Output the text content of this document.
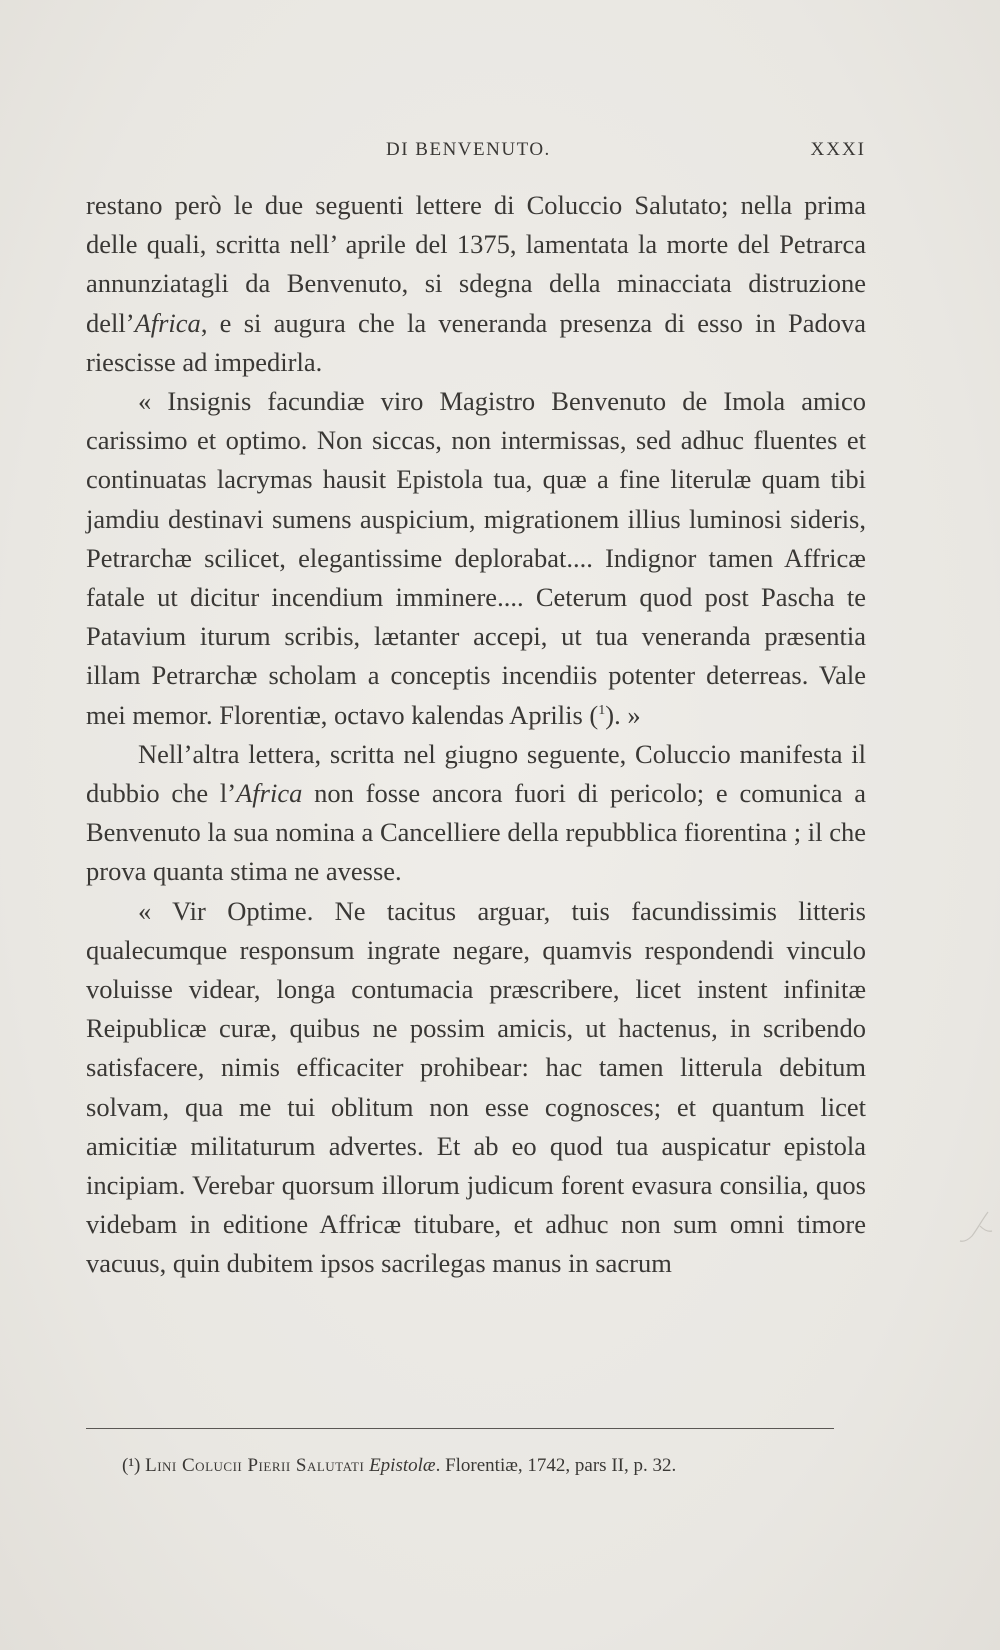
DI BENVENUTO.	XXXI

restano però le due seguenti lettere di Coluccio Salutato; nella prima delle quali, scritta nell’ aprile del 1375, lamentata la morte del Petrarca annunziatagli da Benvenuto, si sdegna della minacciata distruzione dell’Africa, e si augura che la veneranda presenza di esso in Padova riescisse ad impedirla.

« Insignis facundiæ viro Magistro Benvenuto de Imola amico carissimo et optimo. Non siccas, non intermissas, sed adhuc fluentes et continuatas lacrymas hausit Epistola tua, quæ a fine literulæ quam tibi jamdiu destinavi sumens auspicium, migrationem illius luminosi sideris, Petrarchæ scilicet, elegantissime deplorabat.... Indignor tamen Affricæ fatale ut dicitur incendium imminere.... Ceterum quod post Pascha te Patavium iturum scribis, lætanter accepi, ut tua veneranda præsentia illam Petrarchæ scholam a conceptis incendiis potenter deterreas. Vale mei memor. Florentiæ, octavo kalendas Aprilis ($^1$). »

Nell’altra lettera, scritta nel giugno seguente, Coluccio manifesta il dubbio che l’Africa non fosse ancora fuori di pericolo; e comunica a Benvenuto la sua nomina a Cancelliere della repubblica fiorentina ; il che prova quanta stima ne avesse.

« Vir Optime. Ne tacitus arguar, tuis facundissimis litteris qualecumque responsum ingrate negare, quamvis respondendi vinculo voluisse videar, longa contumacia præscribere, licet instent infinitæ Reipublicæ curæ, quibus ne possim amicis, ut hactenus, in scribendo satisfacere, nimis efficaciter prohibear: hac tamen litterula debitum solvam, qua me tui oblitum non esse cognosces; et quantum licet amicitiæ militaturum advertes. Et ab eo quod tua auspicatur epistola incipiam. Verebar quorsum illorum judicum forent evasura consilia, quos videbam in editione Affricæ titubare, et adhuc non sum omni timore vacuus, quin dubitem ipsos sacrilegas manus in sacrum

(¹) Lini Colucii Pierii Salutati Epistolæ. Florentiæ, 1742, pars II, p. 32.
